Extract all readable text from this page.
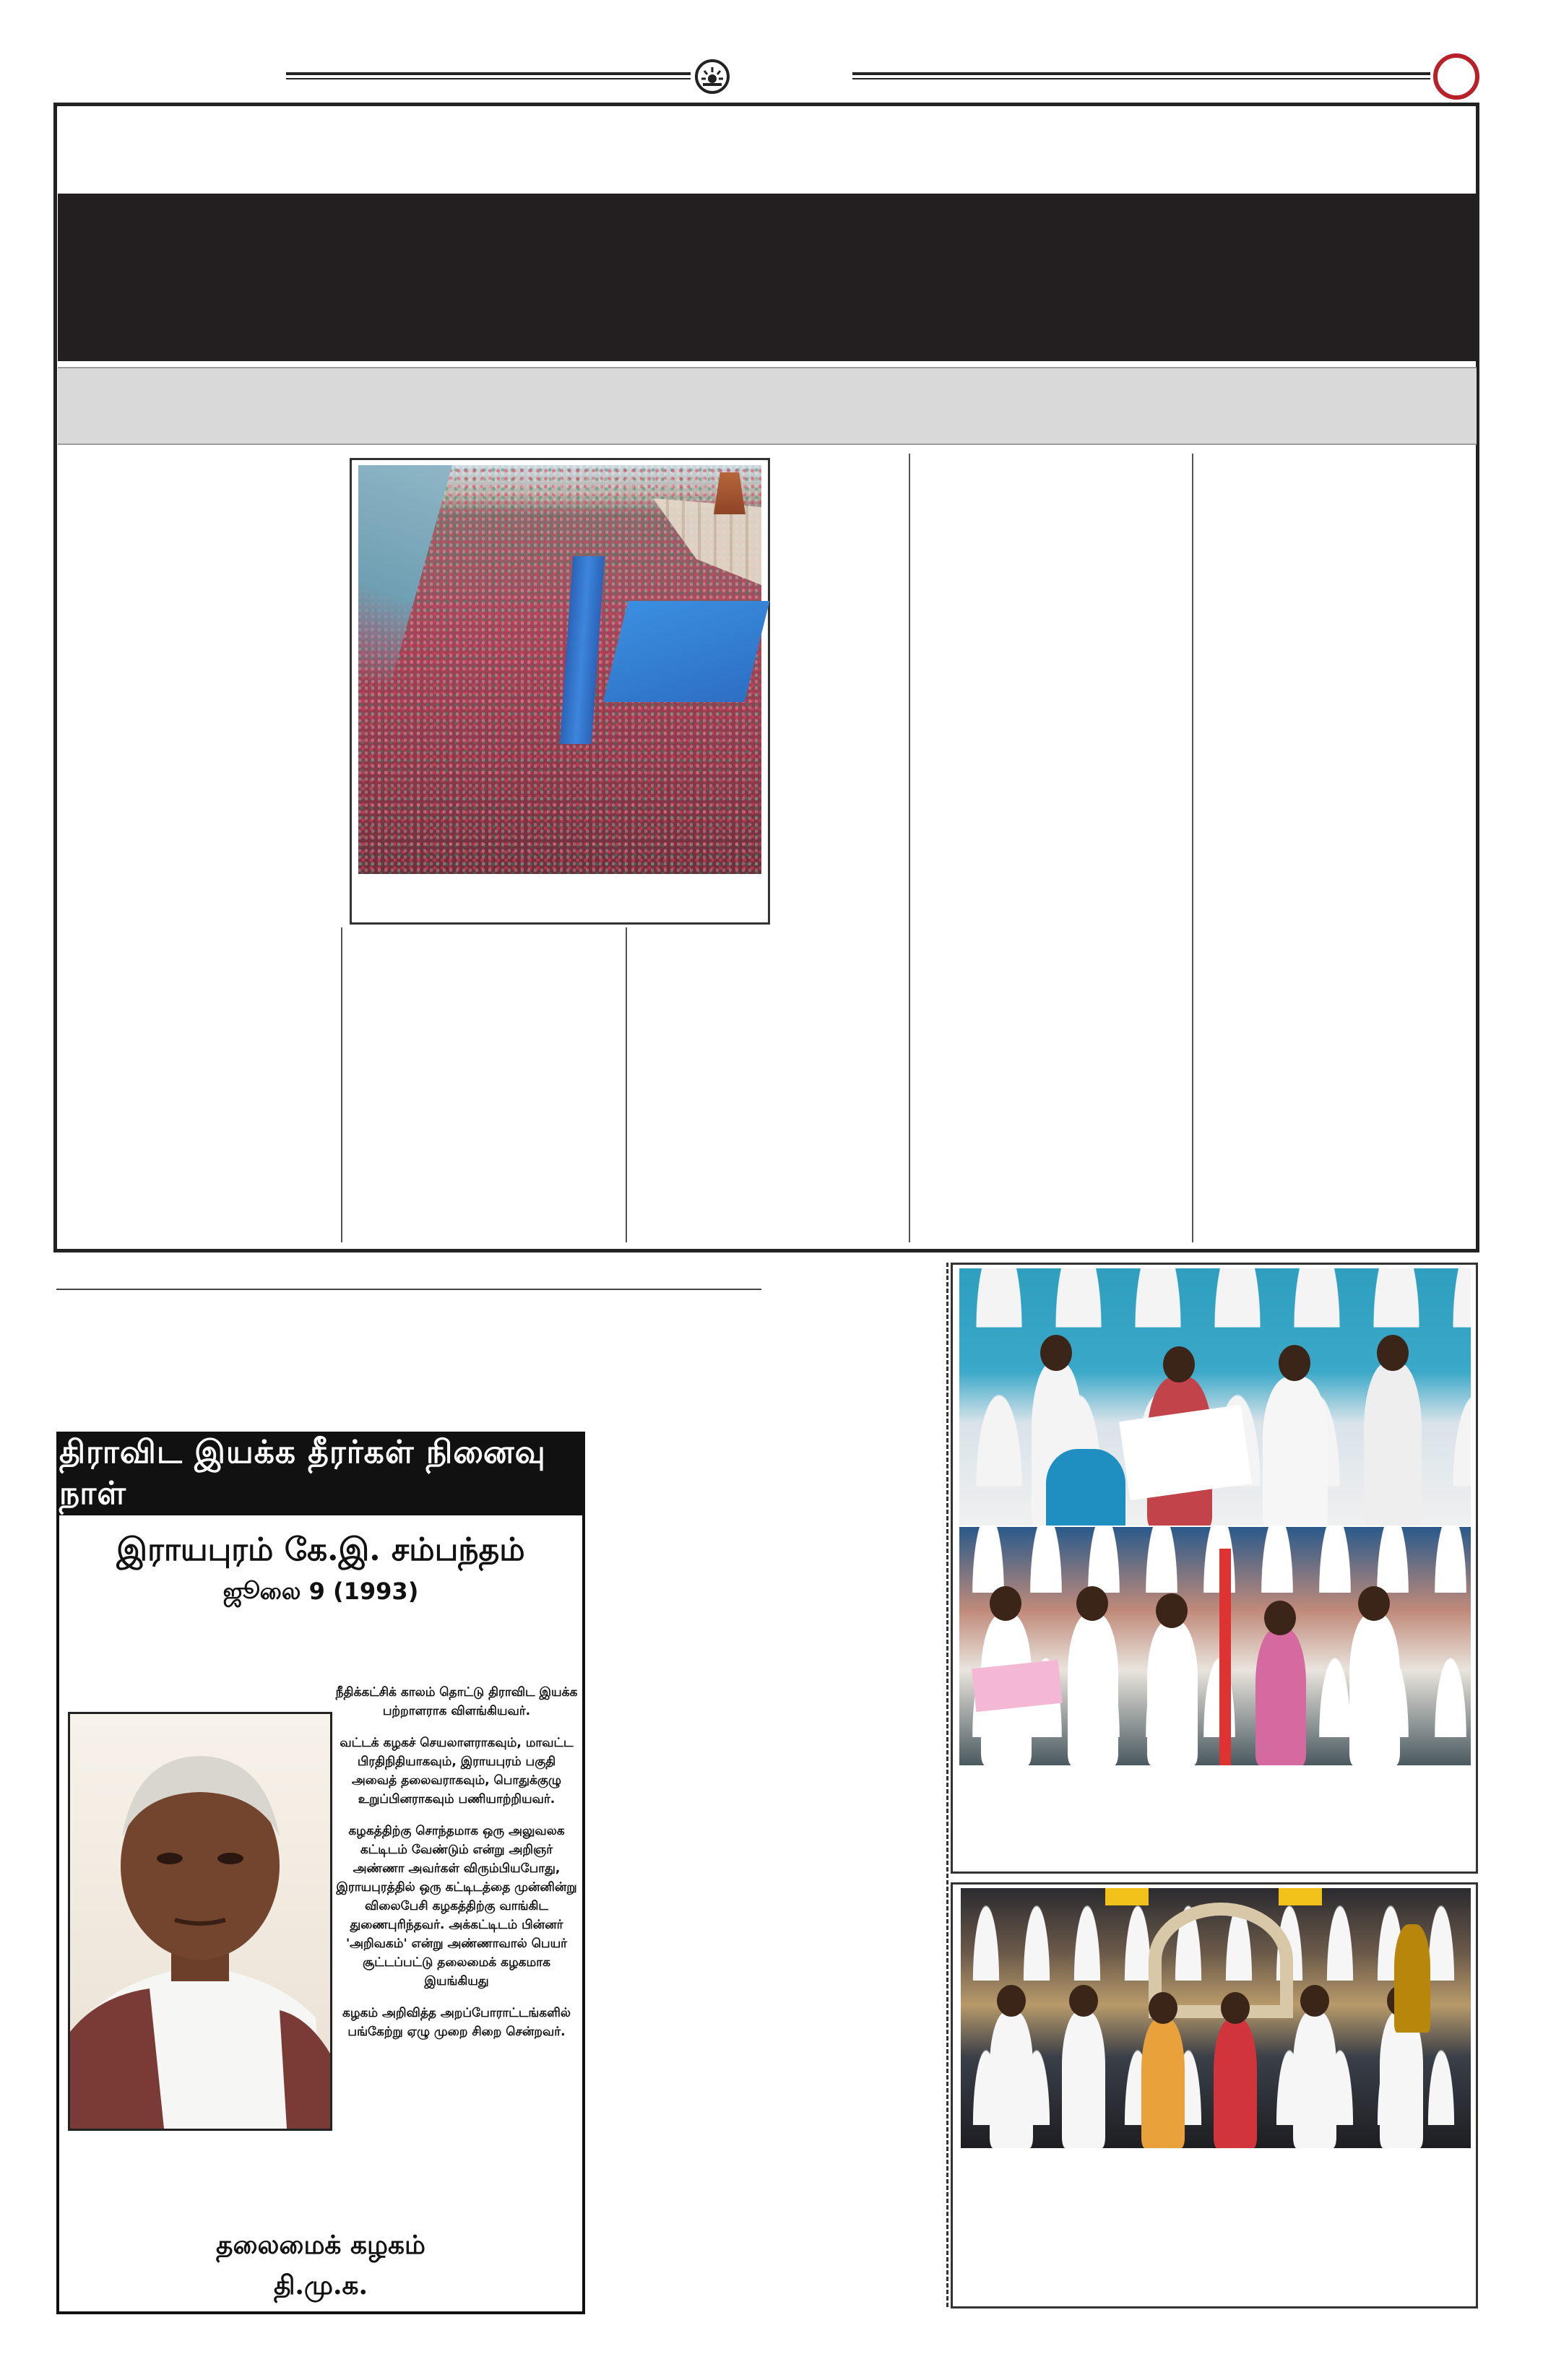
திராவிட இயக்க தீரர்கள் நினைவு நாள்
இராயபுரம் கே.இ. சம்பந்தம்
ஜூலை 9 (1993)

நீதிக்கட்சிக் காலம் தொட்டு திராவிட இயக்க பற்றாளராக விளங்கியவர்.

வட்டக் கழகச் செயலாளராகவும், மாவட்ட பிரதிநிதியாகவும், இராயபுரம் பகுதி அவைத் தலைவராகவும், பொதுக்குழு உறுப்பினராகவும் பணியாற்றியவர்.

கழகத்திற்கு சொந்தமாக ஒரு அலுவலக கட்டிடம் வேண்டும் என்று அறிஞர் அண்ணா அவர்கள் விரும்பியபோது, இராயபுரத்தில் ஒரு கட்டிடத்தை முன்னின்று விலைபேசி கழகத்திற்கு வாங்கிட துணைபுரிந்தவர். அக்கட்டிடம் பின்னர் 'அறிவகம்' என்று அண்ணாவால் பெயர் சூட்டப்பட்டு தலைமைக் கழகமாக இயங்கியது

கழகம் அறிவித்த அறப்போராட்டங்களில் பங்கேற்று ஏழு முறை சிறை சென்றவர்.

தலைமைக் கழகம்
தி.மு.க.
